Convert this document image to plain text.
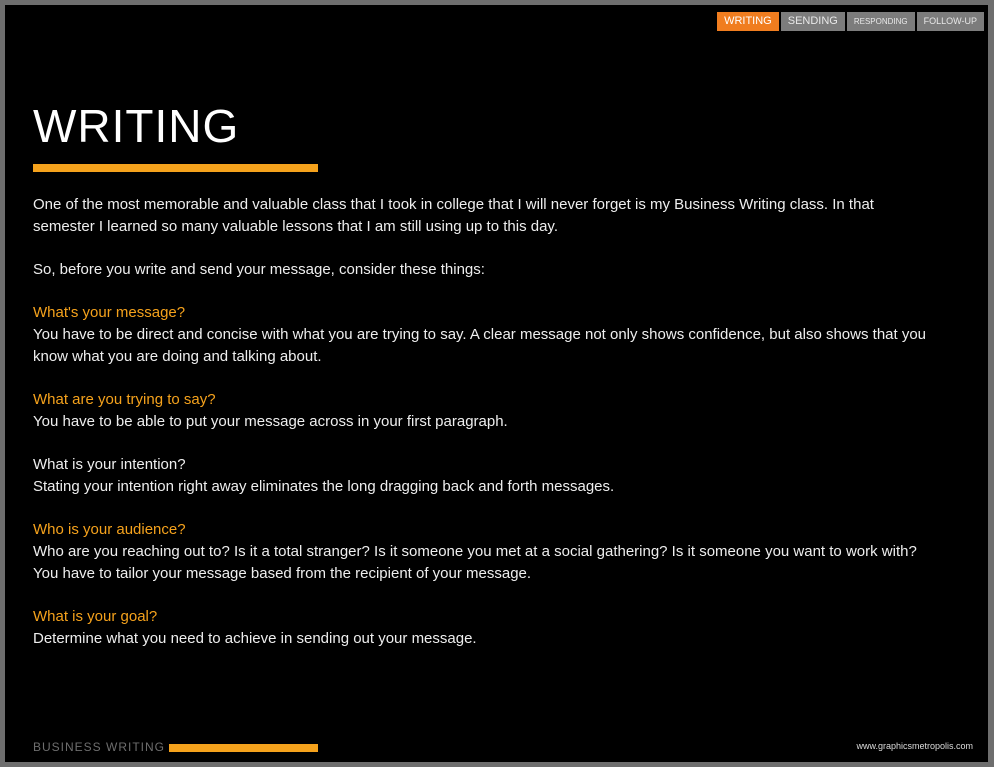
WRITING	SENDING	RESPONDING	FOLLOW-UP
WRITING

One of the most memorable and valuable class that I took in college that I will never forget is my Business Writing class. In that semester I learned so many valuable lessons that I am still using up to this day.

So, before you write and send your message, consider these things:

What's your message?
You have to be direct and concise with what you are trying to say. A clear message not only shows confidence, but also shows that you know what you are doing and talking about.

What are you trying to say?
You have to be able to put your message across in your first paragraph.

What is your intention?
Stating your intention right away eliminates the long dragging back and forth messages.

Who is your audience?
Who are you reaching out to? Is it a total stranger? Is it someone you met at a social gathering? Is it someone you want to work with? You have to tailor your message based from the recipient of your message.

What is your goal?
Determine what you need to achieve in sending out your message.

BUSINESS WRITING	www.graphicsmetropolis.com
